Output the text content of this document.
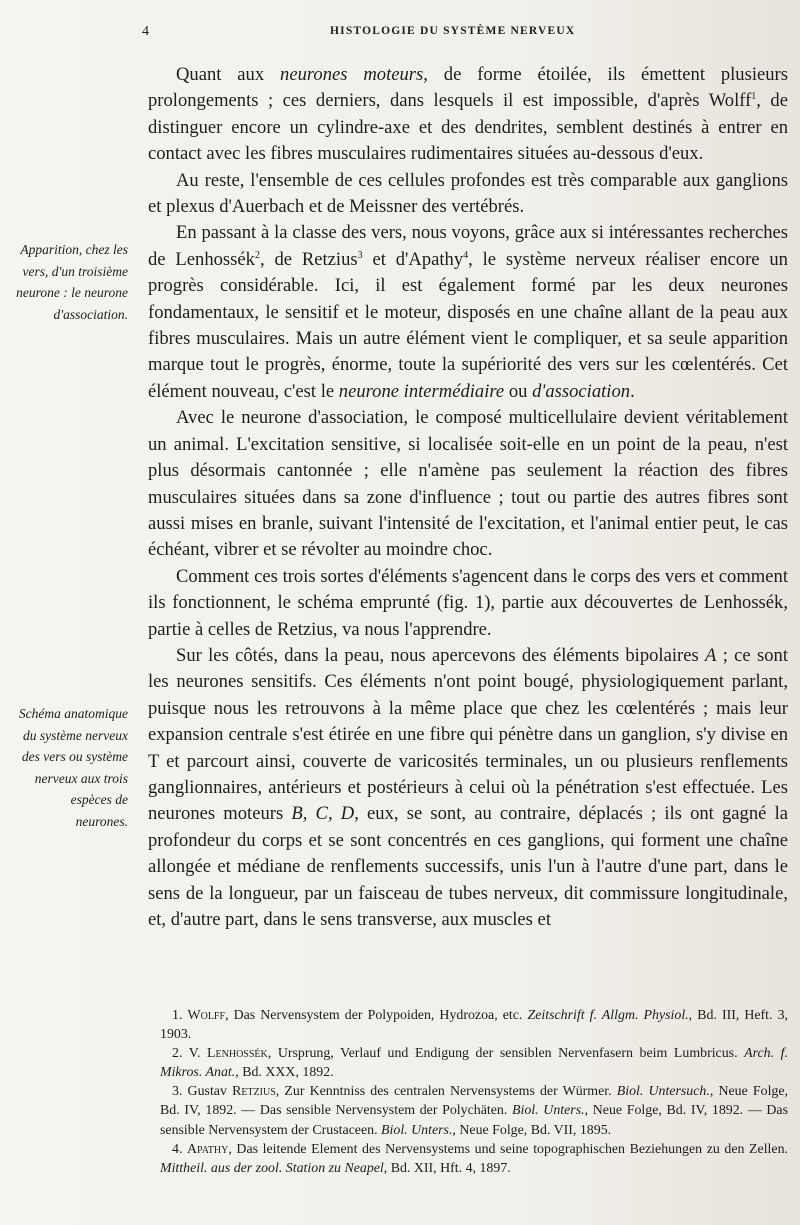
4	HISTOLOGIE DU SYSTÈME NERVEUX
Apparition, chez les vers, d'un troisième neurone : le neurone d'association.
Schéma anatomique du système nerveux des vers ou système nerveux aux trois espèces de neurones.

Quant aux neurones moteurs, de forme étoilée, ils émettent plusieurs prolongements ; ces derniers, dans lesquels il est impossible, d'après Wolff$^1$, de distinguer encore un cylindre-axe et des dendrites, semblent destinés à entrer en contact avec les fibres musculaires rudimentaires situées au-dessous d'eux.

Au reste, l'ensemble de ces cellules profondes est très comparable aux ganglions et plexus d'Auerbach et de Meissner des vertébrés.

En passant à la classe des vers, nous voyons, grâce aux si intéressantes recherches de Lenhossék$^2$, de Retzius$^3$ et d'Apathy$^4$, le système nerveux réaliser encore un progrès considérable. Ici, il est également formé par les deux neurones fondamentaux, le sensitif et le moteur, disposés en une chaîne allant de la peau aux fibres musculaires. Mais un autre élément vient le compliquer, et sa seule apparition marque tout le progrès, énorme, toute la supériorité des vers sur les cœlentérés. Cet élément nouveau, c'est le neurone intermédiaire ou d'association.

Avec le neurone d'association, le composé multicellulaire devient véritablement un animal. L'excitation sensitive, si localisée soit-elle en un point de la peau, n'est plus désormais cantonnée ; elle n'amène pas seulement la réaction des fibres musculaires situées dans sa zone d'influence ; tout ou partie des autres fibres sont aussi mises en branle, suivant l'intensité de l'excitation, et l'animal entier peut, le cas échéant, vibrer et se révolter au moindre choc.

Comment ces trois sortes d'éléments s'agencent dans le corps des vers et comment ils fonctionnent, le schéma emprunté (fig. 1), partie aux découvertes de Lenhossék, partie à celles de Retzius, va nous l'apprendre.

Sur les côtés, dans la peau, nous apercevons des éléments bipolaires A ; ce sont les neurones sensitifs. Ces éléments n'ont point bougé, physiologiquement parlant, puisque nous les retrouvons à la même place que chez les cœlentérés ; mais leur expansion centrale s'est étirée en une fibre qui pénètre dans un ganglion, s'y divise en T et parcourt ainsi, couverte de varicosités terminales, un ou plusieurs renflements ganglionnaires, antérieurs et postérieurs à celui où la pénétration s'est effectuée. Les neurones moteurs B, C, D, eux, se sont, au contraire, déplacés ; ils ont gagné la profondeur du corps et se sont concentrés en ces ganglions, qui forment une chaîne allongée et médiane de renflements successifs, unis l'un à l'autre d'une part, dans le sens de la longueur, par un faisceau de tubes nerveux, dit commissure longitudinale, et, d'autre part, dans le sens transverse, aux muscles et

1. Wolff, Das Nervensystem der Polypoiden, Hydrozoa, etc. Zeitschrift f. Allgm. Physiol., Bd. III, Heft. 3, 1903.

2. V. Lenhossék, Ursprung, Verlauf und Endigung der sensiblen Nervenfasern beim Lumbricus. Arch. f. Mikros. Anat., Bd. XXX, 1892.

3. Gustav Retzius, Zur Kenntniss des centralen Nervensystems der Würmer. Biol. Untersuch., Neue Folge, Bd. IV, 1892. — Das sensible Nervensystem der Polychäten. Biol. Unters., Neue Folge, Bd. IV, 1892. — Das sensible Nervensystem der Crustaceen. Biol. Unters., Neue Folge, Bd. VII, 1895.

4. Apathy, Das leitende Element des Nervensystems und seine topographischen Beziehungen zu den Zellen. Mittheil. aus der zool. Station zu Neapel, Bd. XII, Hft. 4, 1897.
